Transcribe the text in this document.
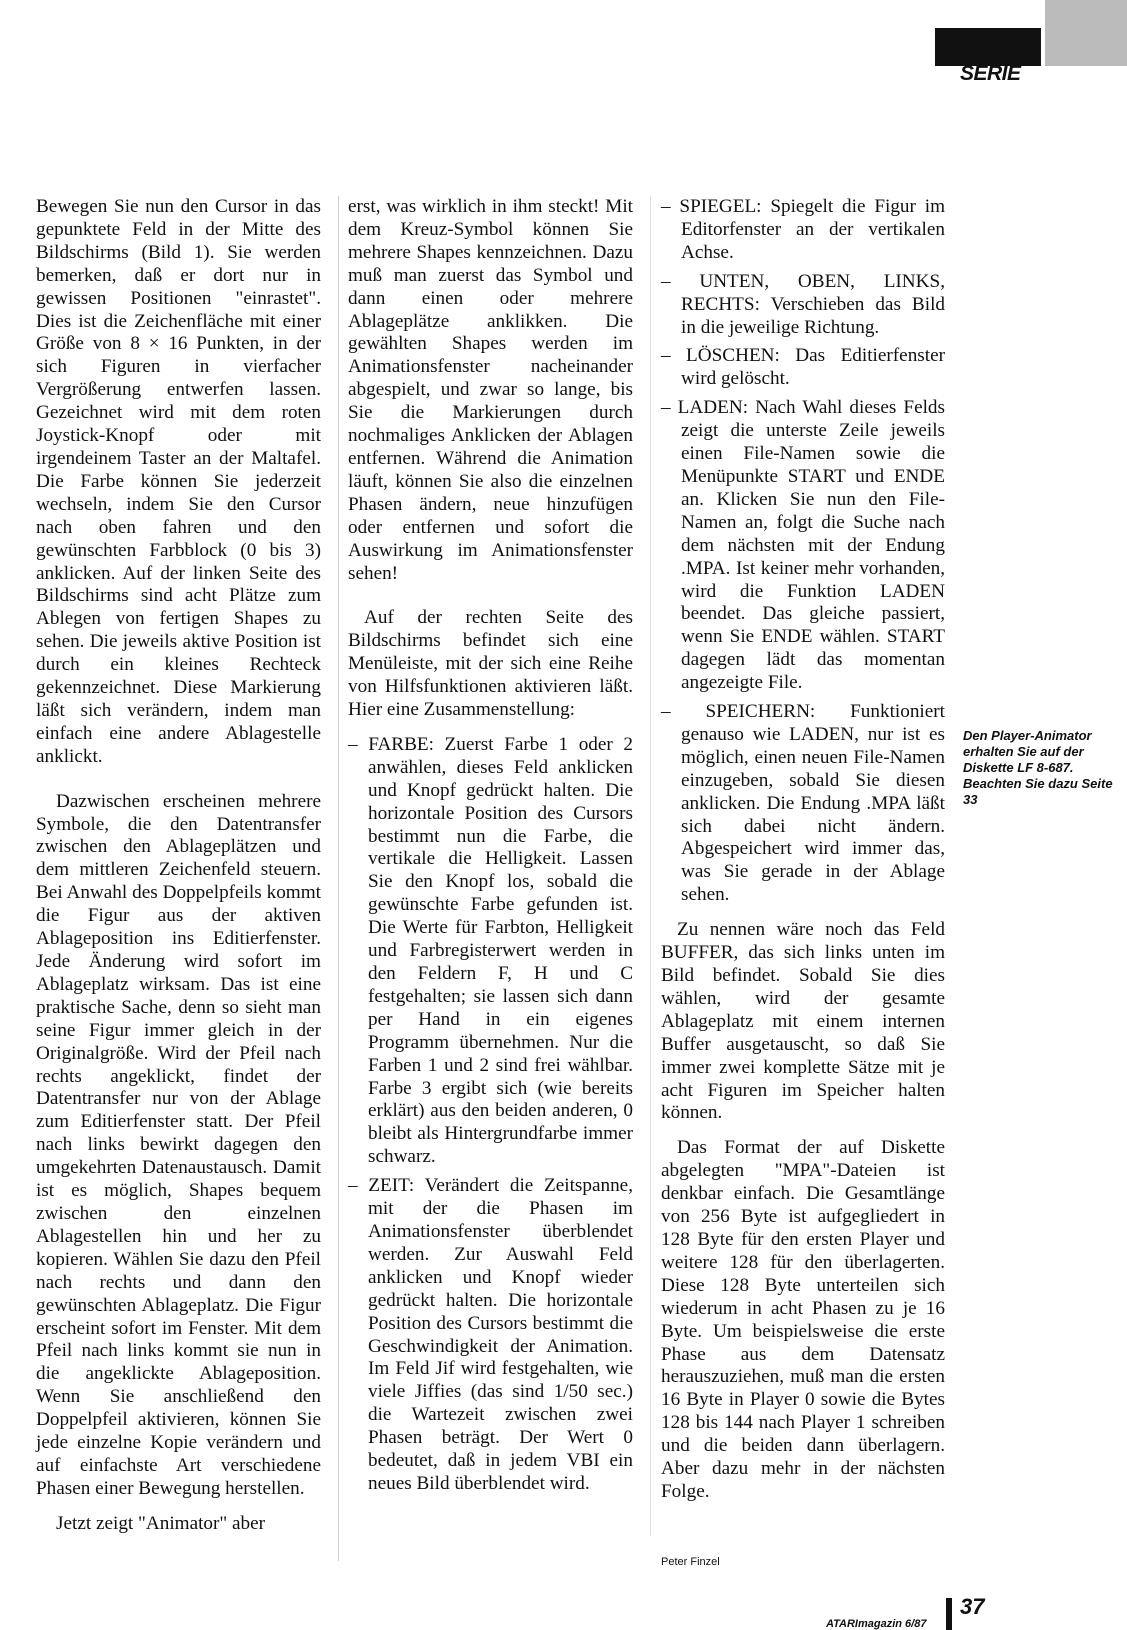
SERIE

Bewegen Sie nun den Cursor in das gepunktete Feld in der Mitte des Bildschirms (Bild 1). Sie werden bemerken, daß er dort nur in gewissen Positionen "einrastet". Dies ist die Zeichenfläche mit einer Größe von 8 × 16 Punkten, in der sich Figuren in vierfacher Vergrößerung entwerfen lassen. Gezeichnet wird mit dem roten Joystick-Knopf oder mit irgendeinem Taster an der Maltafel. Die Farbe können Sie jederzeit wechseln, indem Sie den Cursor nach oben fahren und den gewünschten Farbblock (0 bis 3) anklicken. Auf der linken Seite des Bildschirms sind acht Plätze zum Ablegen von fertigen Shapes zu sehen. Die jeweils aktive Position ist durch ein kleines Rechteck gekennzeichnet. Diese Markierung läßt sich verändern, indem man einfach eine andere Ablagestelle anklickt.

Dazwischen erscheinen mehrere Symbole, die den Datentransfer zwischen den Ablageplätzen und dem mittleren Zeichenfeld steuern. Bei Anwahl des Doppelpfeils kommt die Figur aus der aktiven Ablageposition ins Editierfenster. Jede Änderung wird sofort im Ablageplatz wirksam. Das ist eine praktische Sache, denn so sieht man seine Figur immer gleich in der Originalgröße. Wird der Pfeil nach rechts angeklickt, findet der Datentransfer nur von der Ablage zum Editierfenster statt. Der Pfeil nach links bewirkt dagegen den umgekehrten Datenaustausch. Damit ist es möglich, Shapes bequem zwischen den einzelnen Ablagestellen hin und her zu kopieren. Wählen Sie dazu den Pfeil nach rechts und dann den gewünschten Ablageplatz. Die Figur erscheint sofort im Fenster. Mit dem Pfeil nach links kommt sie nun in die angeklickte Ablageposition. Wenn Sie anschließend den Doppelpfeil aktivieren, können Sie jede einzelne Kopie verändern und auf einfachste Art verschiedene Phasen einer Bewegung herstellen.

Jetzt zeigt "Animator" aber

erst, was wirklich in ihm steckt! Mit dem Kreuz-Symbol können Sie mehrere Shapes kennzeichnen. Dazu muß man zuerst das Symbol und dann einen oder mehrere Ablageplätze anklikken. Die gewählten Shapes werden im Animationsfenster nacheinander abgespielt, und zwar so lange, bis Sie die Markierungen durch nochmaliges Anklicken der Ablagen entfernen. Während die Animation läuft, können Sie also die einzelnen Phasen ändern, neue hinzufügen oder entfernen und sofort die Auswirkung im Animationsfenster sehen!

Auf der rechten Seite des Bildschirms befindet sich eine Menüleiste, mit der sich eine Reihe von Hilfsfunktionen aktivieren läßt. Hier eine Zusammenstellung:

– FARBE: Zuerst Farbe 1 oder 2 anwählen, dieses Feld anklicken und Knopf gedrückt halten. Die horizontale Position des Cursors bestimmt nun die Farbe, die vertikale die Helligkeit. Lassen Sie den Knopf los, sobald die gewünschte Farbe gefunden ist. Die Werte für Farbton, Helligkeit und Farbregisterwert werden in den Feldern F, H und C festgehalten; sie lassen sich dann per Hand in ein eigenes Programm übernehmen. Nur die Farben 1 und 2 sind frei wählbar. Farbe 3 ergibt sich (wie bereits erklärt) aus den beiden anderen, 0 bleibt als Hintergrundfarbe immer schwarz.

– ZEIT: Verändert die Zeitspanne, mit der die Phasen im Animationsfenster überblendet werden. Zur Auswahl Feld anklicken und Knopf wieder gedrückt halten. Die horizontale Position des Cursors bestimmt die Geschwindigkeit der Animation. Im Feld Jif wird festgehalten, wie viele Jiffies (das sind 1/50 sec.) die Wartezeit zwischen zwei Phasen beträgt. Der Wert 0 bedeutet, daß in jedem VBI ein neues Bild überblendet wird.

– SPIEGEL: Spiegelt die Figur im Editorfenster an der vertikalen Achse.

– UNTEN, OBEN, LINKS, RECHTS: Verschieben das Bild in die jeweilige Richtung.

– LÖSCHEN: Das Editierfenster wird gelöscht.

– LADEN: Nach Wahl dieses Felds zeigt die unterste Zeile jeweils einen File-Namen sowie die Menüpunkte START und ENDE an. Klicken Sie nun den File-Namen an, folgt die Suche nach dem nächsten mit der Endung .MPA. Ist keiner mehr vorhanden, wird die Funktion LADEN beendet. Das gleiche passiert, wenn Sie ENDE wählen. START dagegen lädt das momentan angezeigte File.

– SPEICHERN: Funktioniert genauso wie LADEN, nur ist es möglich, einen neuen File-Namen einzugeben, sobald Sie diesen anklicken. Die Endung .MPA läßt sich dabei nicht ändern. Abgespeichert wird immer das, was Sie gerade in der Ablage sehen.

Zu nennen wäre noch das Feld BUFFER, das sich links unten im Bild befindet. Sobald Sie dies wählen, wird der gesamte Ablageplatz mit einem internen Buffer ausgetauscht, so daß Sie immer zwei komplette Sätze mit je acht Figuren im Speicher halten können.

Das Format der auf Diskette abgelegten "MPA"-Dateien ist denkbar einfach. Die Gesamtlänge von 256 Byte ist aufgegliedert in 128 Byte für den ersten Player und weitere 128 für den überlagerten. Diese 128 Byte unterteilen sich wiederum in acht Phasen zu je 16 Byte. Um beispielsweise die erste Phase aus dem Datensatz herauszuziehen, muß man die ersten 16 Byte in Player 0 sowie die Bytes 128 bis 144 nach Player 1 schreiben und die beiden dann überlagern. Aber dazu mehr in der nächsten Folge.

Peter Finzel
Den Player-Animator erhalten Sie auf der Diskette LF 8-687. Beachten Sie dazu Seite 33
ATARImagazin 6/87
37
